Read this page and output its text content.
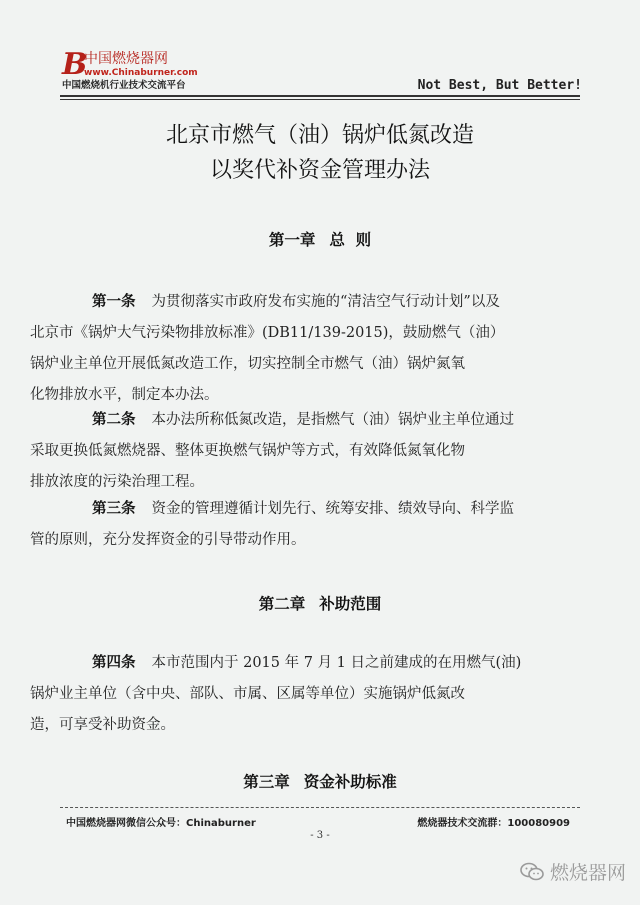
B
中国燃烧器网
www.Chinaburner.com
中国燃烧机行业技术交流平台	Not Best, But Better!
北京市燃气（油）锅炉低氮改造
以奖代补资金管理办法
第一章 总  则
第一条 为贯彻落实市政府发布实施的“清洁空气行动计划”以及
北京市《锅炉大气污染物排放标准》(DB11/139-2015)，鼓励燃气（油）
锅炉业主单位开展低氮改造工作，切实控制全市燃气（油）锅炉氮氧
化物排放水平，制定本办法。
第二条 本办法所称低氮改造，是指燃气（油）锅炉业主单位通过
采取更换低氮燃烧器、整体更换燃气锅炉等方式，有效降低氮氧化物
排放浓度的污染治理工程。
第三条 资金的管理遵循计划先行、统筹安排、绩效导向、科学监
管的原则，充分发挥资金的引导带动作用。
第二章 补助范围
第四条 本市范围内于 2015 年 7 月 1 日之前建成的在用燃气(油)
锅炉业主单位（含中央、部队、市属、区属等单位）实施锅炉低氮改
造，可享受补助资金。
第三章 资金补助标准
中国燃烧器网微信公众号：Chinaburner	燃烧器技术交流群：100080909
- 3 -
燃烧器网
